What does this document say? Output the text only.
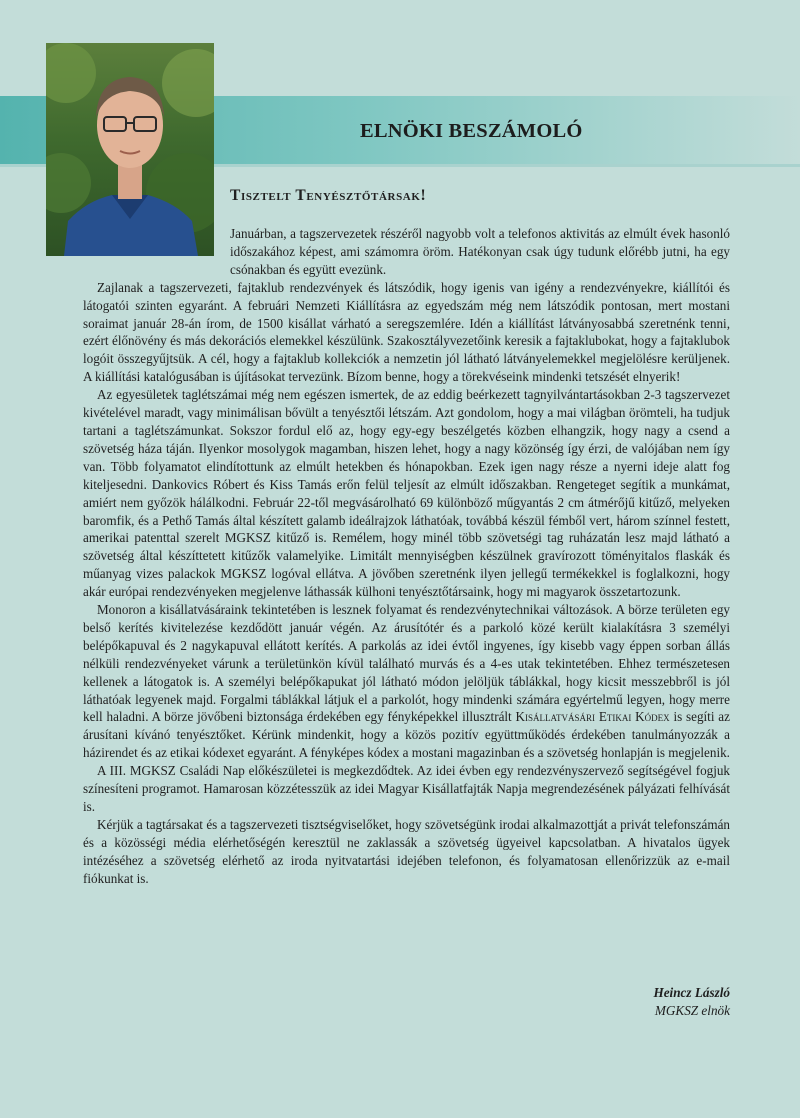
ELNÖKI BESZÁMOLÓ
Tisztelt Tenyésztőtársak!

Januárban, a tagszervezetek részéről nagyobb volt a telefonos aktivitás az elmúlt évek hasonló időszakához képest, ami számomra öröm. Hatékonyan csak úgy tudunk előrébb jutni, ha egy csónakban és együtt evezünk.

Zajlanak a tagszervezeti, fajtaklub rendezvények és látszódik, hogy igenis van igény a rendezvényekre, kiállítói és látogatói szinten egyaránt. A februári Nemzeti Kiállításra az egyedszám még nem látszódik pontosan, mert mostani soraimat január 28-án írom, de 1500 kisállat várható a seregszemlére. Idén a kiállítást látványosabbá szeretnénk tenni, ezért élőnövény és más dekorációs elemekkel készülünk. Szakosztályvezetőink keresik a fajtaklubokat, hogy a fajtaklubok logóit összegyűjtsük. A cél, hogy a fajtaklub kollekciók a nemzetin jól látható látványelemekkel megjelölésre kerüljenek. A kiállítási katalógusában is újításokat tervezünk. Bízom benne, hogy a törekvéseink mindenki tetszését elnyerik!

Az egyesületek taglétszámai még nem egészen ismertek, de az eddig beérkezett tagnyilvántartásokban 2-3 tagszervezet kivételével maradt, vagy minimálisan bővült a tenyésztői létszám. Azt gondolom, hogy a mai világban örömteli, ha tudjuk tartani a taglétszámunkat. Sokszor fordul elő az, hogy egy-egy beszélgetés közben elhangzik, hogy nagy a csend a szövetség háza táján. Ilyenkor mosolygok magamban, hiszen lehet, hogy a nagy közönség így érzi, de valójában nem így van. Több folyamatot elindítottunk az elmúlt hetekben és hónapokban. Ezek igen nagy része a nyerni ideje alatt fog kiteljesedni. Dankovics Róbert és Kiss Tamás erőn felül teljesít az elmúlt időszakban. Rengeteget segítik a munkámat, amiért nem győzök hálálkodni. Február 22-től megvásárolható 69 különböző műgyantás 2 cm átmérőjű kitűző, melyeken baromfik, és a Pethő Tamás által készített galamb ideálrajzok láthatóak, továbbá készül fémből vert, három színnel festett, amerikai patenttal szerelt MGKSZ kitűző is. Remélem, hogy minél több szövetségi tag ruházatán lesz majd látható a szövetség által készíttetett kitűzők valamelyike. Limitált mennyiségben készülnek gravírozott töményitalos flaskák és műanyag vizes palackok MGKSZ logóval ellátva. A jövőben szeretnénk ilyen jellegű termékekkel is foglalkozni, hogy akár európai rendezvényeken megjelenve láthassák külhoni tenyésztőtársaink, hogy mi magyarok összetartozunk.

Monoron a kisállatvásáraink tekintetében is lesznek folyamat és rendezvénytechnikai változások. A börze területen egy belső kerítés kivitelezése kezdődött január végén. Az árusítótér és a parkoló közé került kialakításra 3 személyi belépőkapuval és 2 nagykapuval ellátott kerítés. A parkolás az idei évtől ingyenes, így kisebb vagy éppen sorban állás nélküli rendezvényeket várunk a területünkön kívül található murvás és a 4-es utak tekintetében. Ehhez természetesen kellenek a látogatok is. A személyi belépőkapukat jól látható módon jelöljük táblákkal, hogy kicsit messzebbről is jól láthatóak legyenek majd. Forgalmi táblákkal látjuk el a parkolót, hogy mindenki számára egyértelmű legyen, hogy merre kell haladni. A börze jövőbeni biztonsága érdekében egy fényképekkel illusztrált Kisállatvásári Etikai Kódex is segíti az árusítani kívánó tenyésztőket. Kérünk mindenkit, hogy a közös pozitív együttműködés érdekében tanulmányozzák a házirendet és az etikai kódexet egyaránt. A fényképes kódex a mostani magazinban és a szövetség honlapján is megjelenik.

A III. MGKSZ Családi Nap előkészületei is megkezdődtek. Az idei évben egy rendezvényszervező segítségével fogjuk színesíteni programot. Hamarosan közzétesszük az idei Magyar Kisállatfajták Napja megrendezésének pályázati felhívását is.

Kérjük a tagtársakat és a tagszervezeti tisztségviselőket, hogy szövetségünk irodai alkalmazottját a privát telefonszámán és a közösségi média elérhetőségén keresztül ne zaklassák a szövetség ügyeivel kapcsolatban. A hivatalos ügyek intézéséhez a szövetség elérhető az iroda nyitvatartási idejében telefonon, és folyamatosan ellenőrizzük az e-mail fiókunkat is.

Heincz László
MGKSZ elnök
